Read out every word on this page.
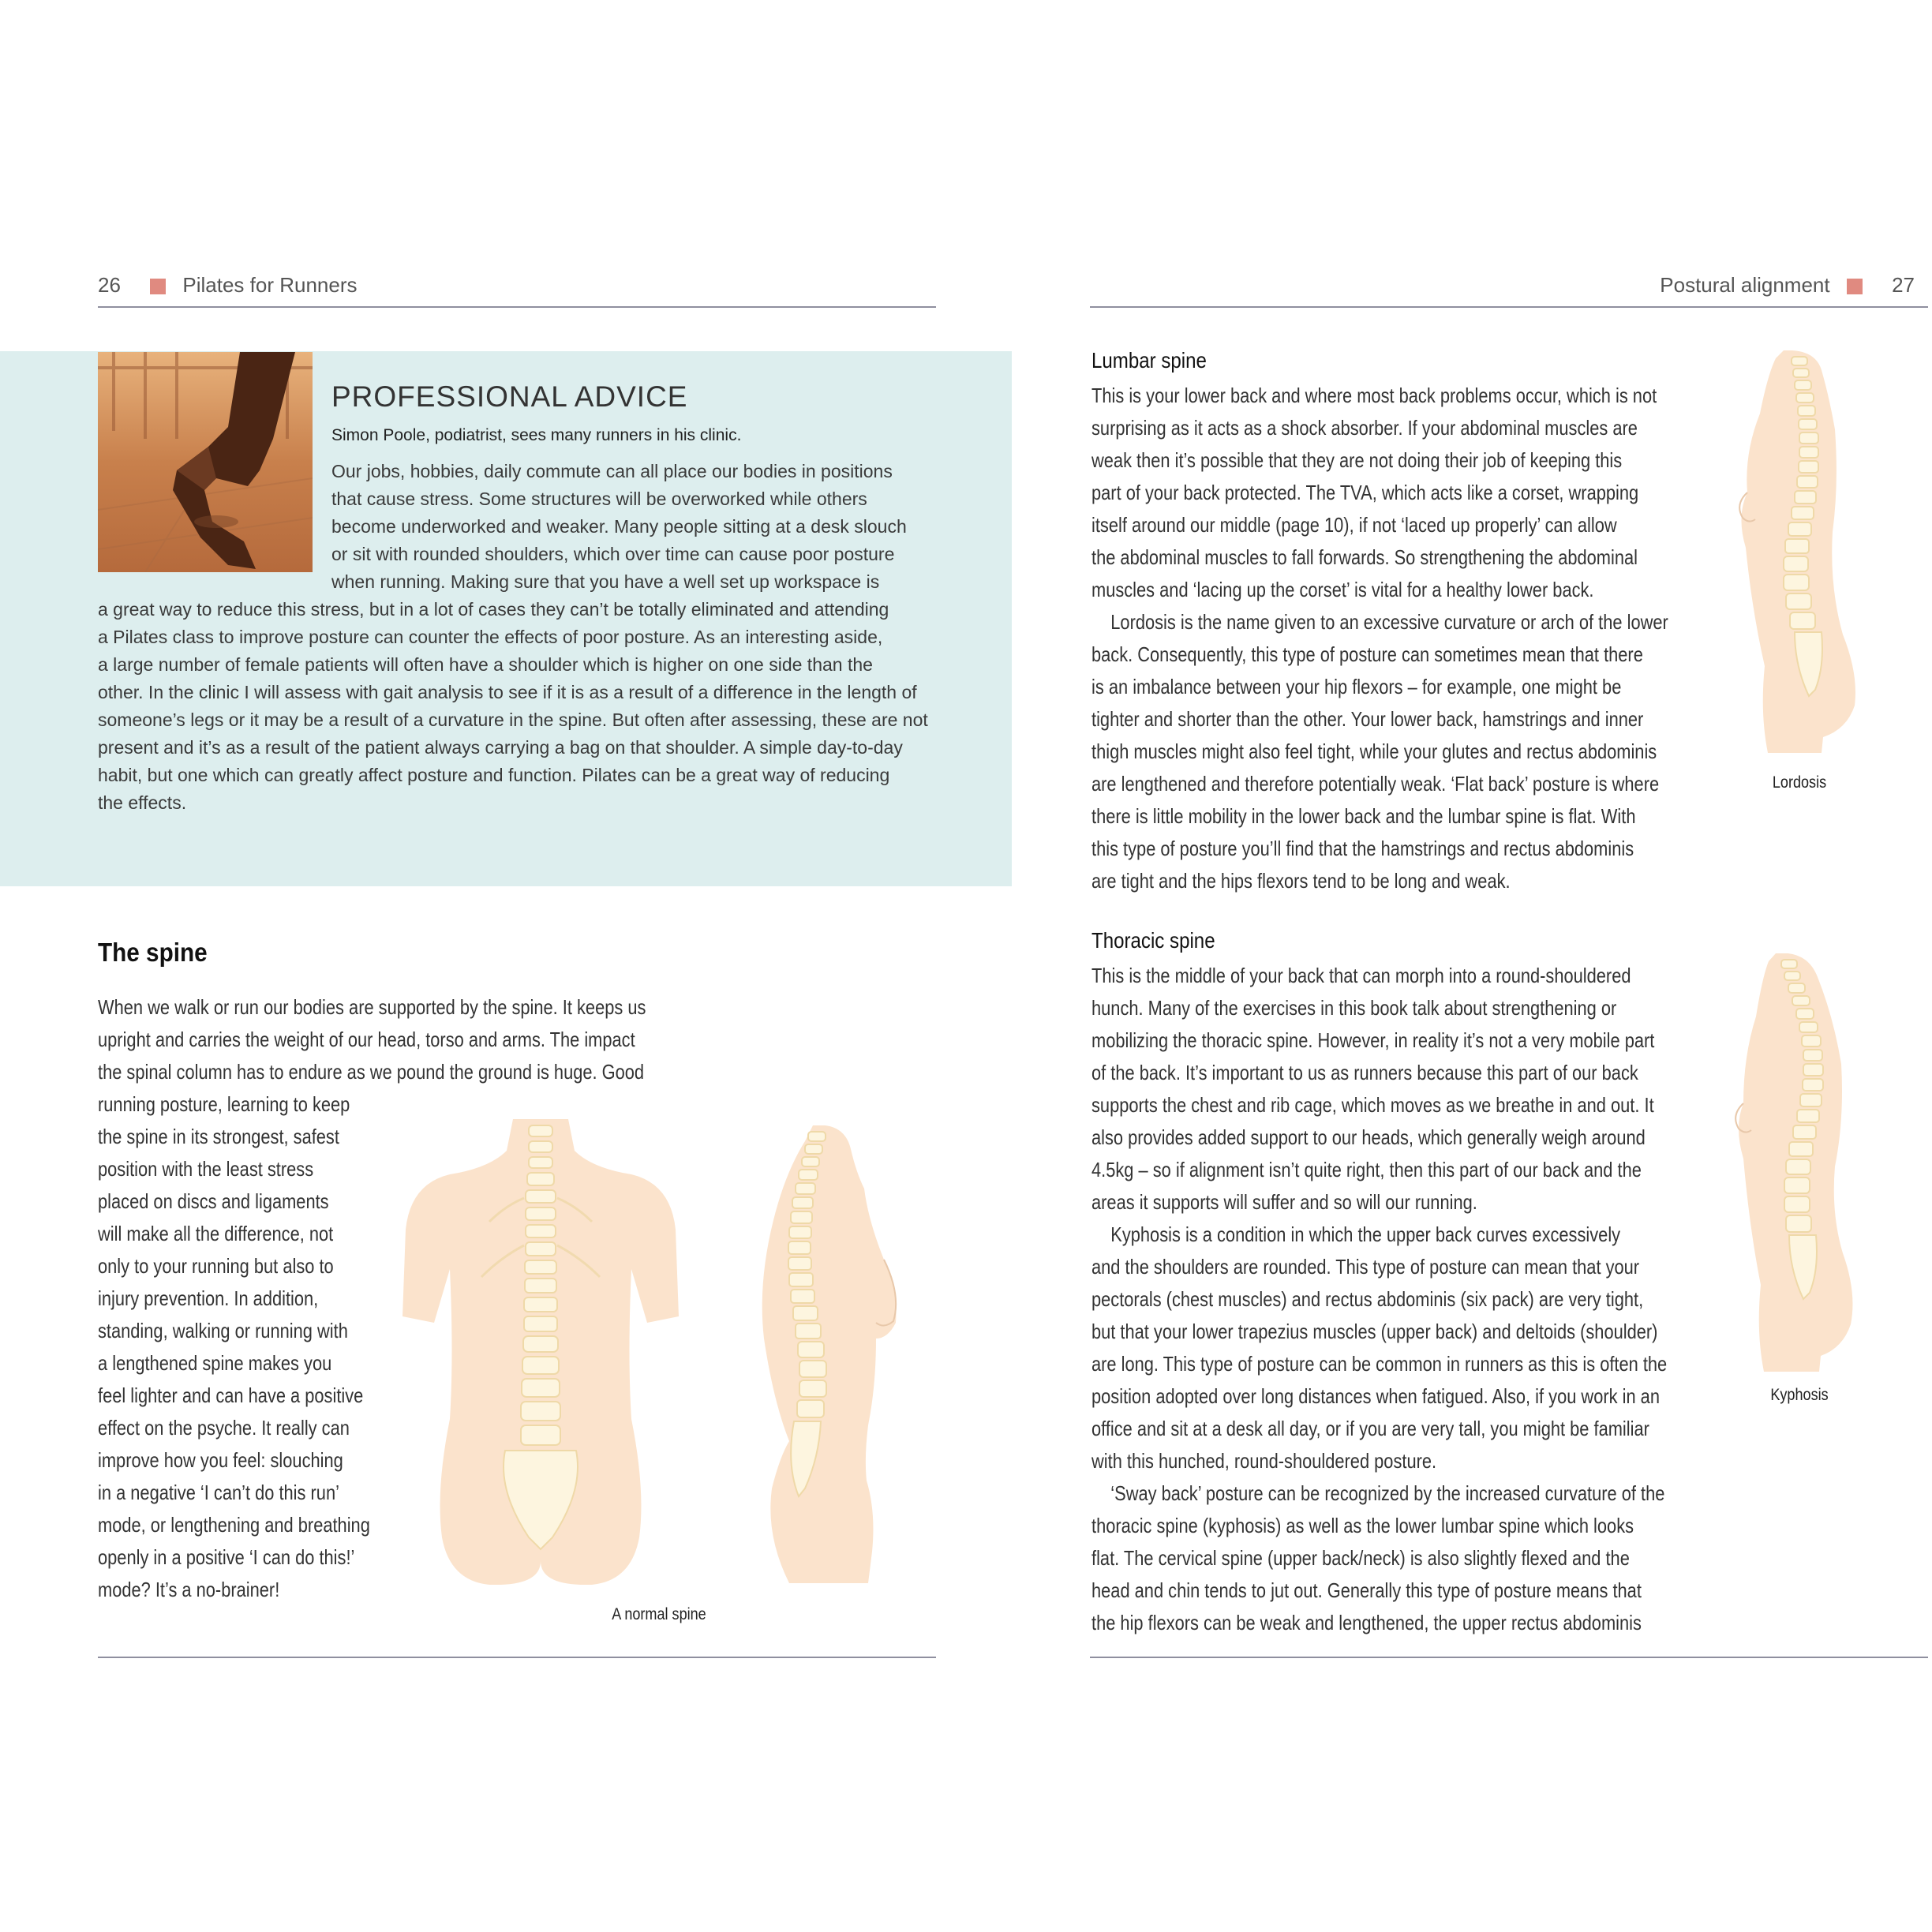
26	Pilates for Runners	Postural alignment	27
PROFESSIONAL ADVICE
Simon Poole, podiatrist, sees many runners in his clinic.
Our jobs, hobbies, daily commute can all place our bodies in positions
that cause stress. Some structures will be overworked while others
become underworked and weaker. Many people sitting at a desk slouch
or sit with rounded shoulders, which over time can cause poor posture
when running. Making sure that you have a well set up workspace is
a great way to reduce this stress, but in a lot of cases they can’t be totally eliminated and attending
a Pilates class to improve posture can counter the effects of poor posture. As an interesting aside,
a large number of female patients will often have a shoulder which is higher on one side than the
other. In the clinic I will assess with gait analysis to see if it is as a result of a difference in the length of
someone’s legs or it may be a result of a curvature in the spine. But often after assessing, these are not
present and it’s as a result of the patient always carrying a bag on that shoulder. A simple day-to-day
habit, but one which can greatly affect posture and function. Pilates can be a great way of reducing
the effects.
The spine
When we walk or run our bodies are supported by the spine. It keeps us
upright and carries the weight of our head, torso and arms. The impact
the spinal column has to endure as we pound the ground is huge. Good
running posture, learning to keep
the spine in its strongest, safest
position with the least stress
placed on discs and ligaments
will make all the difference, not
only to your running but also to
injury prevention. In addition,
standing, walking or running with
a lengthened spine makes you
feel lighter and can have a positive
effect on the psyche. It really can
improve how you feel: slouching
in a negative ‘I can’t do this run’
mode, or lengthening and breathing
openly in a positive ‘I can do this!’
mode? It’s a no-brainer!
A normal spine
Lumbar spine
This is your lower back and where most back problems occur, which is not
surprising as it acts as a shock absorber. If your abdominal muscles are
weak then it’s possible that they are not doing their job of keeping this
part of your back protected. The TVA, which acts like a corset, wrapping
itself around our middle (page 10), if not ‘laced up properly’ can allow
the abdominal muscles to fall forwards. So strengthening the abdominal
muscles and ‘lacing up the corset’ is vital for a healthy lower back.
Lordosis is the name given to an excessive curvature or arch of the lower
back. Consequently, this type of posture can sometimes mean that there
is an imbalance between your hip flexors – for example, one might be
tighter and shorter than the other. Your lower back, hamstrings and inner
thigh muscles might also feel tight, while your glutes and rectus abdominis
are lengthened and therefore potentially weak. ‘Flat back’ posture is where
there is little mobility in the lower back and the lumbar spine is flat. With
this type of posture you’ll find that the hamstrings and rectus abdominis
are tight and the hips flexors tend to be long and weak.
Lordosis
Thoracic spine
This is the middle of your back that can morph into a round-shouldered
hunch. Many of the exercises in this book talk about strengthening or
mobilizing the thoracic spine. However, in reality it’s not a very mobile part
of the back. It’s important to us as runners because this part of our back
supports the chest and rib cage, which moves as we breathe in and out. It
also provides added support to our heads, which generally weigh around
4.5kg – so if alignment isn’t quite right, then this part of our back and the
areas it supports will suffer and so will our running.
Kyphosis is a condition in which the upper back curves excessively
and the shoulders are rounded. This type of posture can mean that your
pectorals (chest muscles) and rectus abdominis (six pack) are very tight,
but that your lower trapezius muscles (upper back) and deltoids (shoulder)
are long. This type of posture can be common in runners as this is often the
position adopted over long distances when fatigued. Also, if you work in an
office and sit at a desk all day, or if you are very tall, you might be familiar
with this hunched, round-shouldered posture.
‘Sway back’ posture can be recognized by the increased curvature of the
thoracic spine (kyphosis) as well as the lower lumbar spine which looks
flat. The cervical spine (upper back/neck) is also slightly flexed and the
head and chin tends to jut out. Generally this type of posture means that
the hip flexors can be weak and lengthened, the upper rectus abdominis
Kyphosis
